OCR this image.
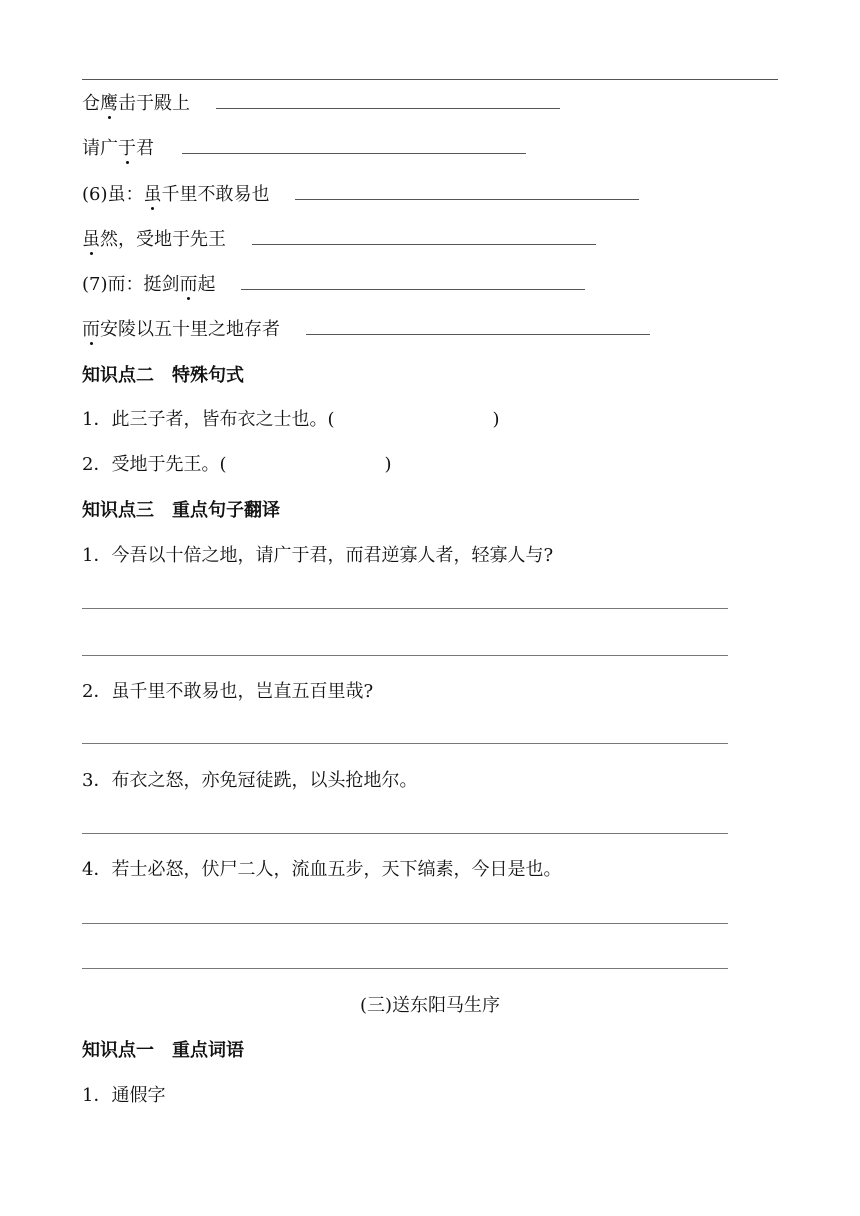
仓鹰击于殿上
请广于君
(6)虽：虽千里不敢易也
虽然，受地于先王
(7)而：挺剑而起
而安陵以五十里之地存者
知识点二　特殊句式
1．此三子者，皆布衣之士也。(	)
2．受地于先王。(	)
知识点三　重点句子翻译
1．今吾以十倍之地，请广于君，而君逆寡人者，轻寡人与?
2．虽千里不敢易也，岂直五百里哉?
3．布衣之怒，亦免冠徒跣，以头抢地尔。
4．若士必怒，伏尸二人，流血五步，天下缟素，今日是也。
(三)送东阳马生序
知识点一　重点词语
1．通假字
